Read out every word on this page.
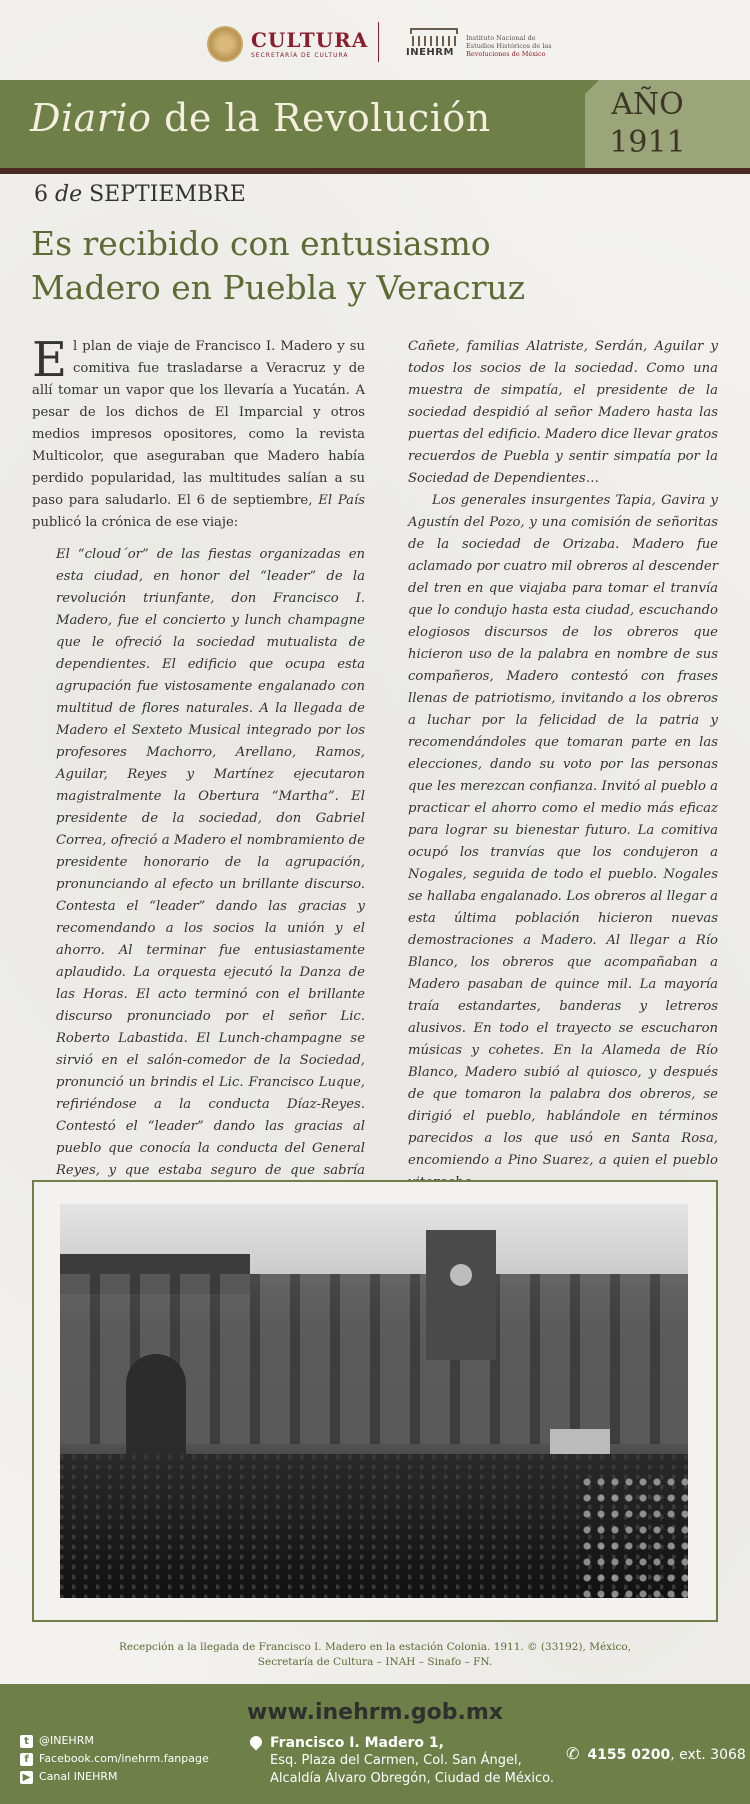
CULTURA
SECRETARÍA DE CULTURA	INEHRM
Instituto Nacional de
Estudios Históricos de las
Revoluciones de México
Diario de la Revolución	AÑO
1911
6 de SEPTIEMBRE
Es recibido con entusiasmo
Madero en Puebla y Veracruz

El plan de viaje de Francisco I. Madero y su comitiva fue trasladarse a Veracruz y de allí tomar un vapor que los llevaría a Yucatán. A pesar de los dichos de El Imparcial y otros medios impresos opositores, como la revista Multicolor, que aseguraban que Madero había perdido popularidad, las multitudes salían a su paso para saludarlo. El 6 de septiembre, El País publicó la crónica de ese viaje:

El “cloud´or” de las fiestas organizadas en esta ciudad, en honor del “leader” de la revolución triunfante, don Francisco I. Madero, fue el concierto y lunch champagne que le ofreció la sociedad mutualista de dependientes. El edificio que ocupa esta agrupación fue vistosamente engalanado con multitud de flores naturales. A la llegada de Madero el Sexteto Musical integrado por los profesores Machorro, Arellano, Ramos, Aguilar, Reyes y Martínez ejecutaron magistralmente la Obertura “Martha”. El presidente de la sociedad, don Gabriel Correa, ofreció a Madero el nombramiento de presidente honorario de la agrupación, pronunciando al efecto un brillante discurso. Contesta el “leader” dando las gracias y recomendando a los socios la unión y el ahorro. Al terminar fue entusiastamente aplaudido. La orquesta ejecutó la Danza de las Horas. El acto terminó con el brillante discurso pronunciado por el señor Lic. Roberto Labastida. El Lunch-champagne se sirvió en el salón-comedor de la Sociedad, pronunció un brindis el Lic. Francisco Luque, refiriéndose a la conducta Díaz-Reyes. Contestó el “leader” dando las gracias al pueblo que conocía la conducta del General Reyes, y que estaba seguro de que sabría

Cañete, familias Alatriste, Serdán, Aguilar y todos los socios de la sociedad. Como una muestra de simpatía, el presidente de la sociedad despidió al señor Madero hasta las puertas del edificio. Madero dice llevar gratos recuerdos de Puebla y sentir simpatía por la Sociedad de Dependientes…

Los generales insurgentes Tapia, Gavira y Agustín del Pozo, y una comisión de señoritas de la sociedad de Orizaba. Madero fue aclamado por cuatro mil obreros al descender del tren en que viajaba para tomar el tranvía que lo condujo hasta esta ciudad, escuchando elogiosos discursos de los obreros que hicieron uso de la palabra en nombre de sus compañeros, Madero contestó con frases llenas de patriotismo, invitando a los obreros a luchar por la felicidad de la patria y recomendándoles que tomaran parte en las elecciones, dando su voto por las personas que les merezcan confianza. Invitó al pueblo a practicar el ahorro como el medio más eficaz para lograr su bienestar futuro. La comitiva ocupó los tranvías que los condujeron a Nogales, seguida de todo el pueblo. Nogales se hallaba engalanado. Los obreros al llegar a esta última población hicieron nuevas demostraciones a Madero. Al llegar a Río Blanco, los obreros que acompañaban a Madero pasaban de quince mil. La mayoría traía estandartes, banderas y letreros alusivos. En todo el trayecto se escucharon músicas y cohetes. En la Alameda de Río Blanco, Madero subió al quiosco, y después de que tomaron la palabra dos obreros, se dirigió el pueblo, hablándole en términos parecidos a los que usó en Santa Rosa, encomiendo a Pino Suarez, a quien el pueblo

Recepción a la llegada de Francisco I. Madero en la estación Colonia. 1911. © (33192), México,
Secretaría de Cultura – INAH – Sinafo – FN.
www.inehrm.gob.mx
t @INEHRM
f Facebook.com/inehrm.fanpage
▶ Canal INEHRM
Francisco I. Madero 1,
Esq. Plaza del Carmen, Col. San Ángel,
Alcaldía Álvaro Obregón, Ciudad de México.
✆ 4155 0200, ext. 3068
